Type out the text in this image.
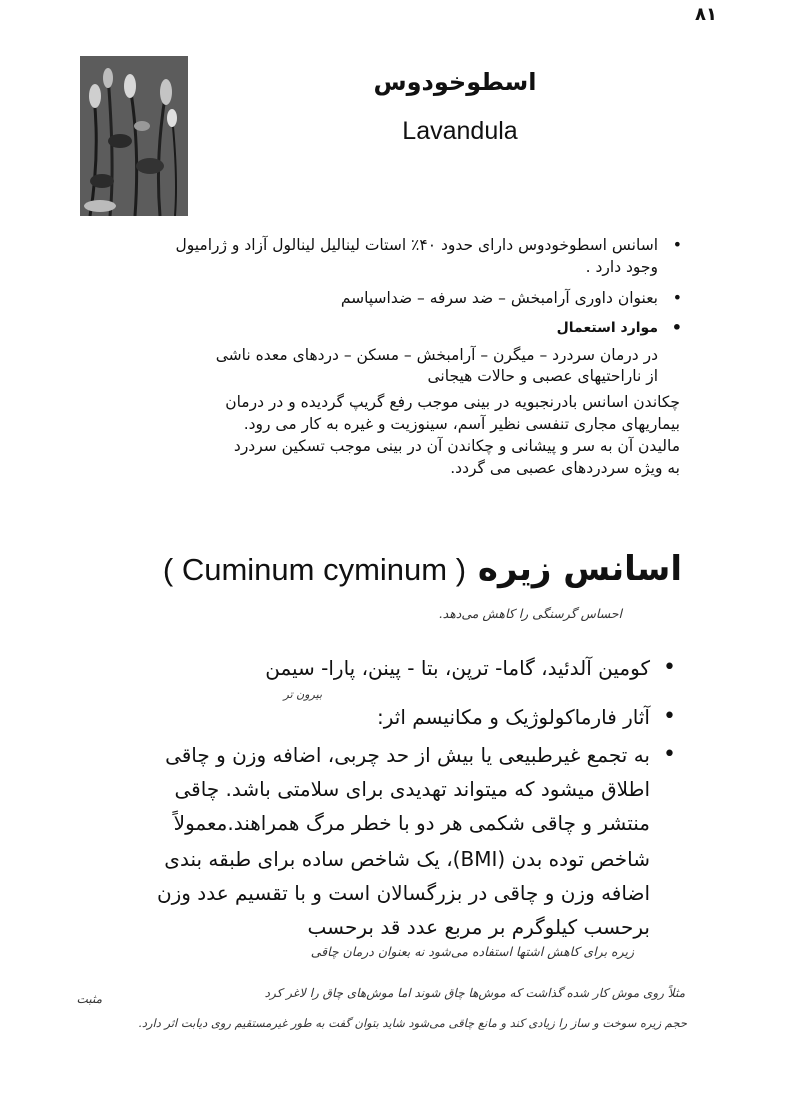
۸۱
اسطوخودوس
Lavandula
اسانس اسطوخودوس دارای حدود ۴۰٪ استات لینالیل لینالول آزاد و ژرامیول وجود دارد . •
بعنوان داوری آرامبخش – ضد سرفه – ضداسپاسم •
موارد استعمال •
در درمان سردرد – میگرن – آرامبخش – مسکن – دردهای معده ناشی
از ناراحتیهای عصبی و حالات هیجانی
چکاندن اسانس بادرنجبویه در بینی موجب رفع گریپ گردیده و در درمان
بیماریهای مجاری تنفسی نظیر آسم، سینوزیت و غیره به کار می رود.
مالیدن آن به سر و پیشانی و چکاندن آن در بینی موجب تسکین سردرد
به ویژه سردردهای عصبی می گردد.
اسانس زیره ( Cuminum cyminum )
احساس گرسنگی را کاهش می‌دهد.
کومین آلدئید، گاما- ترپن، بتا - پینن، پارا- سیمن •
بیرون تر
آثار فارماکولوژیک و مکانیسم اثر: •
به تجمع غیرطبیعی یا بیش از حد چربی، اضافه وزن و چاقی •
اطلاق میشود که میتواند تهدیدی برای سلامتی باشد. چاقی
منتشر و چاقی شکمی هر دو با خطر مرگ همراهند.معمولاً
شاخص توده بدن (BMI)، یک شاخص ساده برای طبقه بندی
اضافه وزن و چاقی در بزرگسالان است و با تقسیم عدد وزن
برحسب کیلوگرم بر مربع عدد قد برحسب
زیره برای کاهش اشتها استفاده می‌شود نه بعنوان درمان چاقی
مثلاً روی موش کار شده گذاشت که موش‌ها چاق شوند اما موش‌های چاق را لاغر کرد
مثبت
حجم زیره سوخت و ساز را زیادی کند و مانع چاقی می‌شود شاید بتوان گفت به طور غیرمستقیم روی دیابت اثر دارد.
